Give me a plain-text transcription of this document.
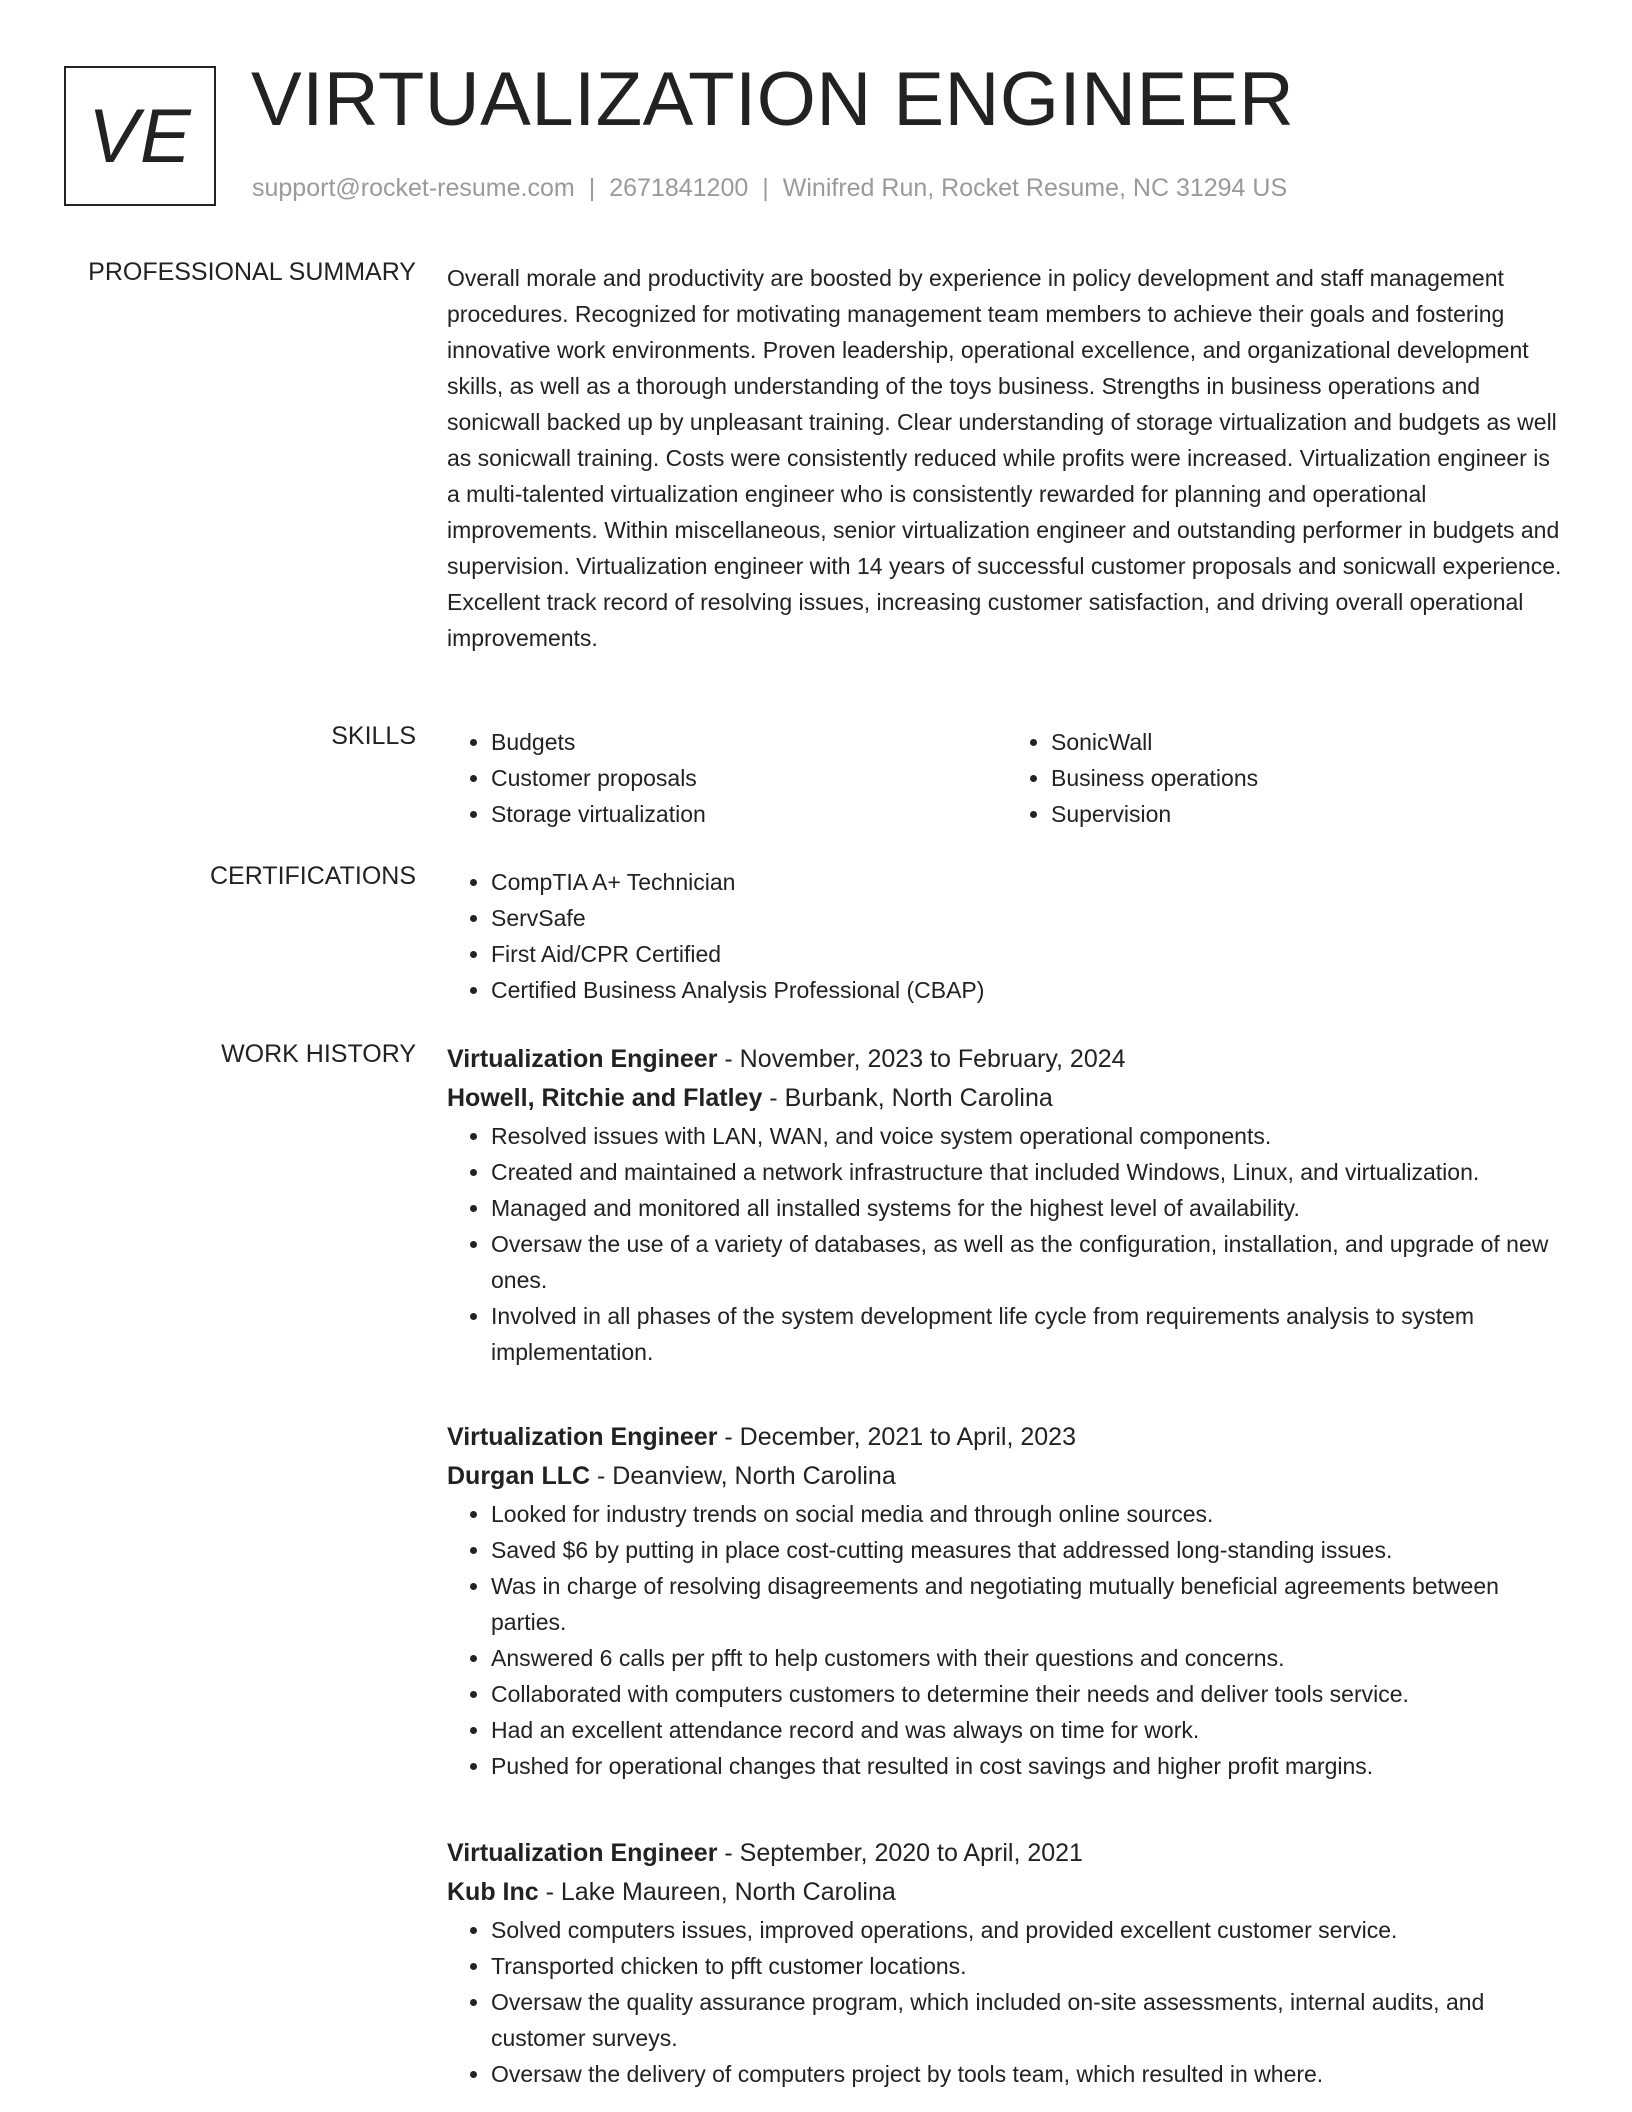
VE VIRTUALIZATION ENGINEER
support@rocket-resume.com | 2671841200 | Winifred Run, Rocket Resume, NC 31294 US
PROFESSIONAL SUMMARY Overall morale and productivity are boosted by experience in policy development and staff management procedures. Recognized for motivating management team members to achieve their goals and fostering innovative work environments. Proven leadership, operational excellence, and organizational development skills, as well as a thorough understanding of the toys business. Strengths in business operations and sonicwall backed up by unpleasant training. Clear understanding of storage virtualization and budgets as well as sonicwall training. Costs were consistently reduced while profits were increased. Virtualization engineer is a multi-talented virtualization engineer who is consistently rewarded for planning and operational improvements. Within miscellaneous, senior virtualization engineer and outstanding performer in budgets and supervision. Virtualization engineer with 14 years of successful customer proposals and sonicwall experience. Excellent track record of resolving issues, increasing customer satisfaction, and driving overall operational improvements.
SKILLS	• Budgets
• Customer proposals
• Storage virtualization
• SonicWall
• Business operations
• Supervision
CERTIFICATIONS	• CompTIA A+ Technician
• ServSafe
• First Aid/CPR Certified
• Certified Business Analysis Professional (CBAP)
WORK HISTORY Virtualization Engineer - November, 2023 to February, 2024
Howell, Ritchie and Flatley - Burbank, North Carolina
• Resolved issues with LAN, WAN, and voice system operational components.
• Created and maintained a network infrastructure that included Windows, Linux, and virtualization.
• Managed and monitored all installed systems for the highest level of availability.
• Oversaw the use of a variety of databases, as well as the configuration, installation, and upgrade of new ones.
• Involved in all phases of the system development life cycle from requirements analysis to system implementation.
Virtualization Engineer - December, 2021 to April, 2023
Durgan LLC - Deanview, North Carolina
• Looked for industry trends on social media and through online sources.
• Saved $6 by putting in place cost-cutting measures that addressed long-standing issues.
• Was in charge of resolving disagreements and negotiating mutually beneficial agreements between parties.
• Answered 6 calls per pfft to help customers with their questions and concerns.
• Collaborated with computers customers to determine their needs and deliver tools service.
• Had an excellent attendance record and was always on time for work.
• Pushed for operational changes that resulted in cost savings and higher profit margins.
Virtualization Engineer - September, 2020 to April, 2021
Kub Inc - Lake Maureen, North Carolina
• Solved computers issues, improved operations, and provided excellent customer service.
• Transported chicken to pfft customer locations.
• Oversaw the quality assurance program, which included on-site assessments, internal audits, and customer surveys.
• Oversaw the delivery of computers project by tools team, which resulted in where.
